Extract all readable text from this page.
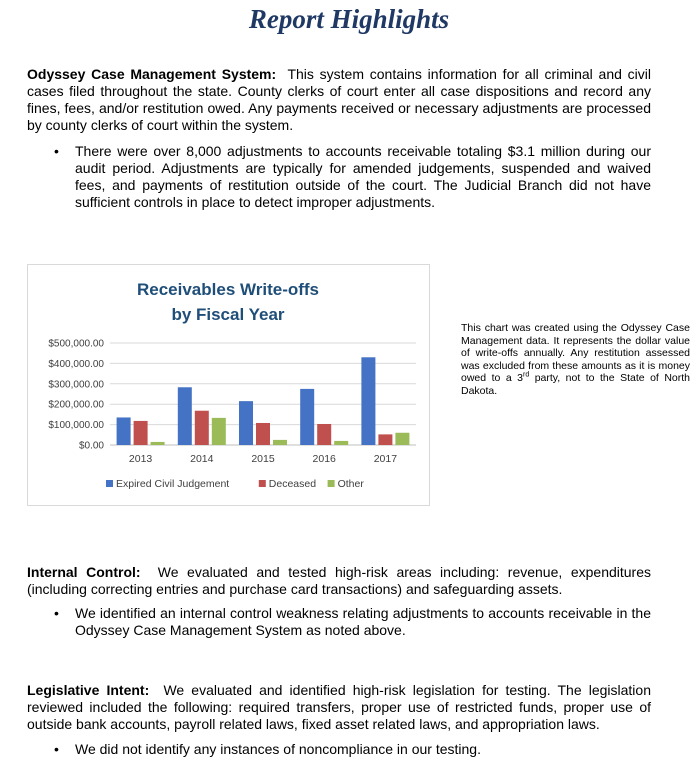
Report Highlights

Odyssey Case Management System: This system contains information for all criminal and civil cases filed throughout the state. County clerks of court enter all case dispositions and record any fines, fees, and/or restitution owed. Any payments received or necessary adjustments are processed by county clerks of court within the system.

• There were over 8,000 adjustments to accounts receivable totaling $3.1 million during our audit period. Adjustments are typically for amended judgements, suspended and waived fees, and payments of restitution outside of the court. The Judicial Branch did not have sufficient controls in place to detect improper adjustments.
Receivables Write-offs
by Fiscal Year
$0.00
$100,000.00
$200,000.00
$300,000.00
$400,000.00
$500,000.00
2013	2014	2015	2016	2017
Expired Civil Judgement	Deceased Other

This chart was created using the Odyssey Case Management data. It represents the dollar value of write-offs annually. Any restitution assessed was excluded from these amounts as it is money owed to a 3rd party, not to the State of North Dakota.

Internal Control: We evaluated and tested high-risk areas including: revenue, expenditures (including correcting entries and purchase card transactions) and safeguarding assets.

• We identified an internal control weakness relating adjustments to accounts receivable in the Odyssey Case Management System as noted above.

Legislative Intent: We evaluated and identified high-risk legislation for testing. The legislation reviewed included the following: required transfers, proper use of restricted funds, proper use of outside bank accounts, payroll related laws, fixed asset related laws, and appropriation laws.

• We did not identify any instances of noncompliance in our testing.
